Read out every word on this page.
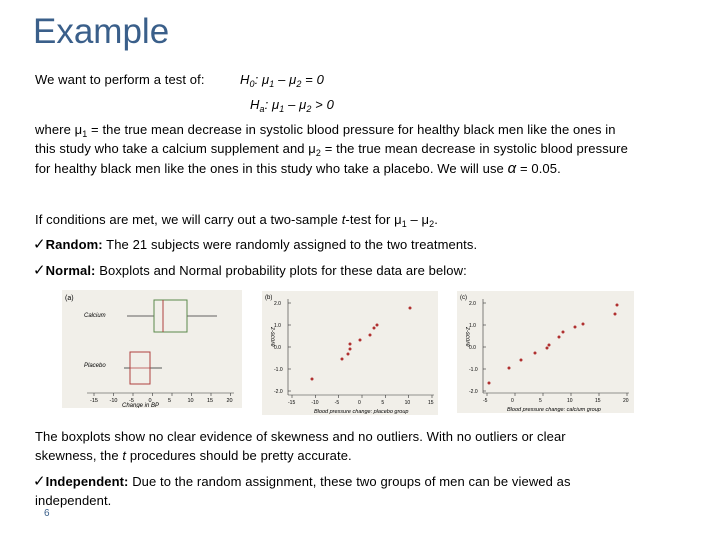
Example
We want to perform a test of:	$H_0$: $\mu_1 - \mu_2 = 0$
$H_a$: $\mu_1 - \mu_2 > 0$
where $\mu_1$ = the true mean decrease in systolic blood pressure for healthy black men like the ones in
this study who take a calcium supplement and $\mu_2$ = the true mean decrease in systolic blood pressure
for healthy black men like the ones in this study who take a placebo. We will use α = 0.05.
If conditions are met, we will carry out a two-sample t-test for $\mu_1 - \mu_2$.
✓Random: The 21 subjects were randomly assigned to the two treatments.
✓Normal: Boxplots and Normal probability plots for these data are below:
(a)
Calcium
Placebo
-15 -10 -5	0	5	10 15 20
Change in BP
(b)
z-score
Blood pressure change: placebo group
2.0
1.0
0.0
-1.0
-2.0
-15	-10	-5	0	5	10	15
(c)
z-score
Blood pressure change: calcium group
2.0
1.0
0.0
-1.0
-2.0
-5	0	5	10	15	20
The boxplots show no clear evidence of skewness and no outliers. With no outliers or clear
skewness, the t procedures should be pretty accurate.
✓Independent: Due to the random assignment, these two groups of men can be viewed as
independent.
6
